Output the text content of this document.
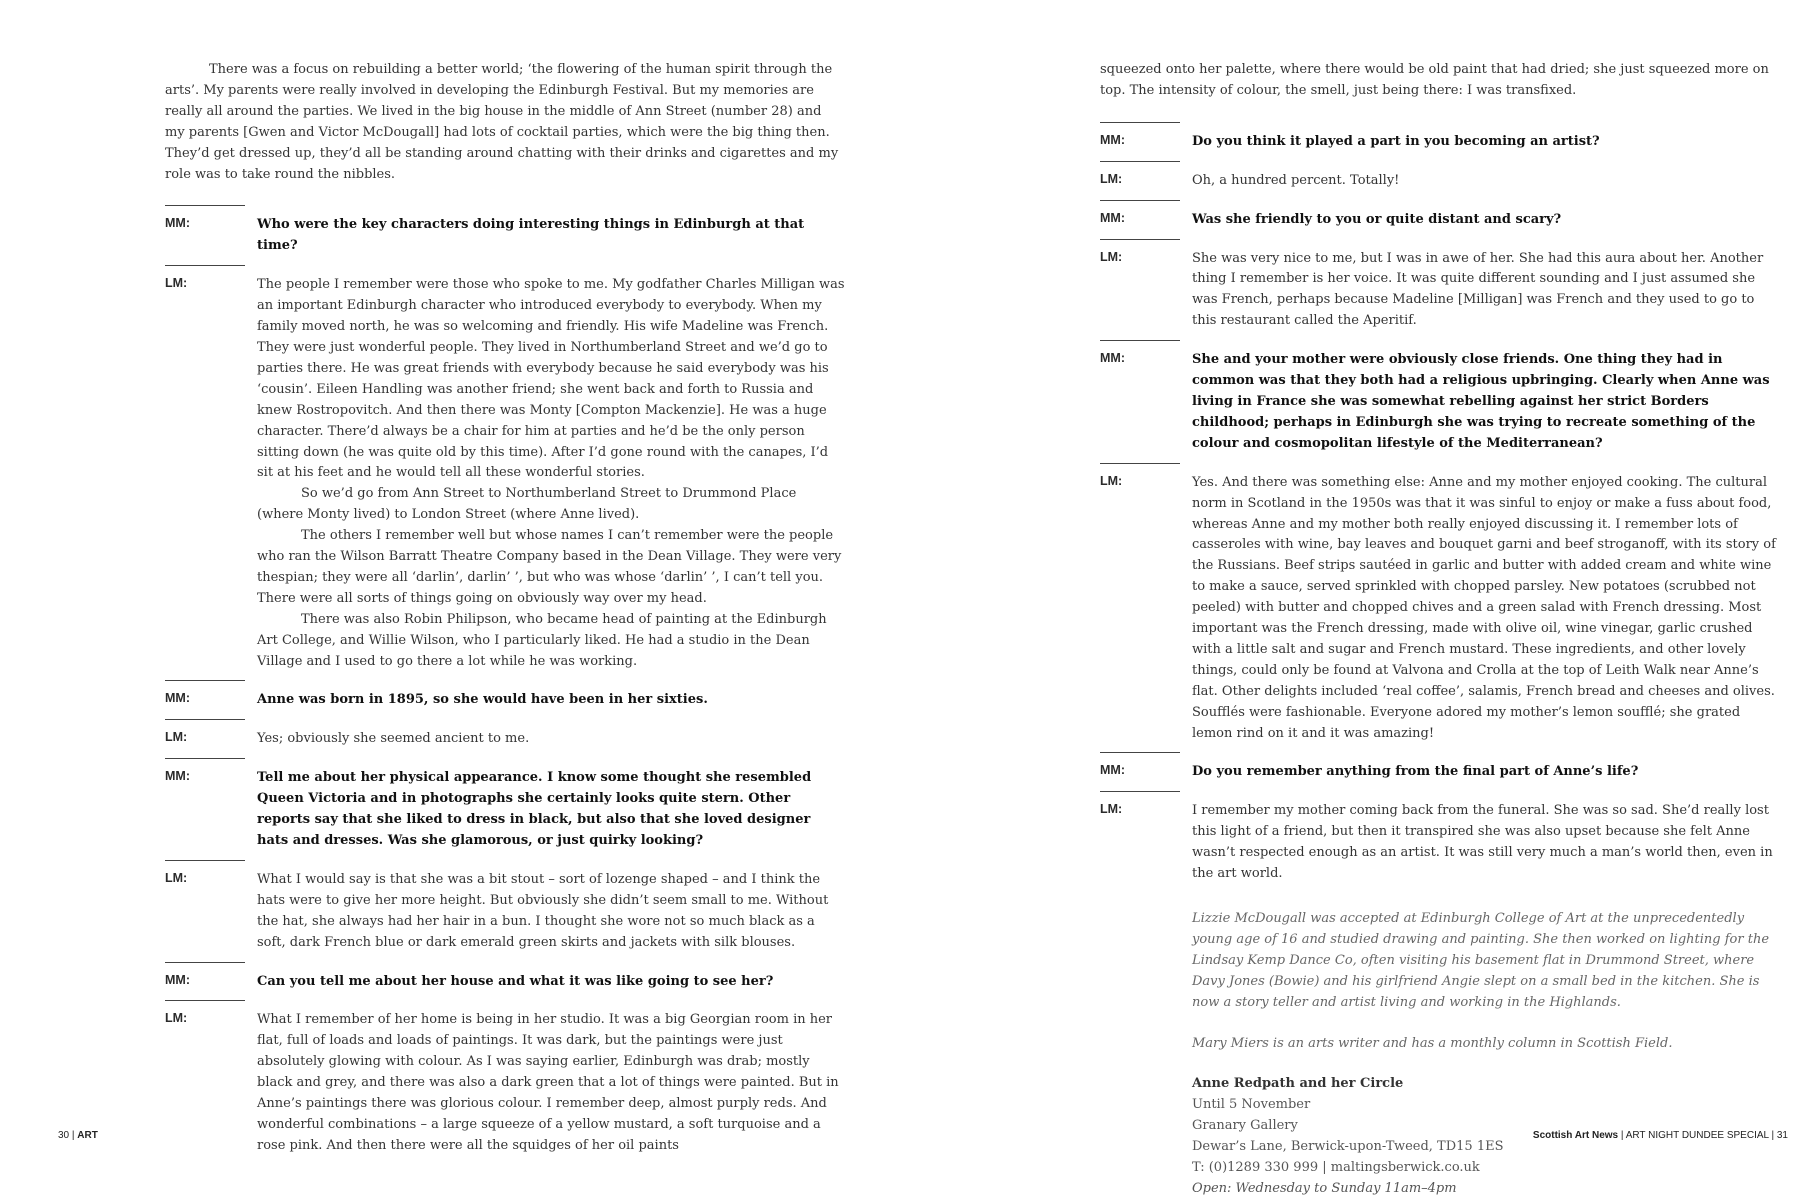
There was a focus on rebuilding a better world; ‘the flowering of the human spirit through the arts’. My parents were really involved in developing the Edinburgh Festival. But my memories are really all around the parties. We lived in the big house in the middle of Ann Street (number 28) and my parents [Gwen and Victor McDougall] had lots of cocktail parties, which were the big thing then. They’d get dressed up, they’d all be standing around chatting with their drinks and cigarettes and my role was to take round the nibbles.

MM:	Who were the key characters doing interesting things in Edinburgh at that time?

LM:	The people I remember were those who spoke to me. My godfather Charles Milligan was an important Edinburgh character who introduced everybody to everybody. When my family moved north, he was so welcoming and friendly. His wife Madeline was French. They were just wonderful people. They lived in Northumberland Street and we’d go to parties there. He was great friends with everybody because he said everybody was his ‘cousin’. Eileen Handling was another friend; she went back and forth to Russia and knew Rostropovitch. And then there was Monty [Compton Mackenzie]. He was a huge character. There’d always be a chair for him at parties and he’d be the only person sitting down (he was quite old by this time). After I’d gone round with the canapes, I’d sit at his feet and he would tell all these wonderful stories.

So we’d go from Ann Street to Northumberland Street to Drummond Place (where Monty lived) to London Street (where Anne lived).

The others I remember well but whose names I can’t remember were the people who ran the Wilson Barratt Theatre Company based in the Dean Village. They were very thespian; they were all ‘darlin’, darlin’ ’, but who was whose ‘darlin’ ’, I can’t tell you. There were all sorts of things going on obviously way over my head.

There was also Robin Philipson, who became head of painting at the Edinburgh Art College, and Willie Wilson, who I particularly liked. He had a studio in the Dean Village and I used to go there a lot while he was working.

MM:	Anne was born in 1895, so she would have been in her sixties.

LM:	Yes; obviously she seemed ancient to me.

MM:	Tell me about her physical appearance. I know some thought she resembled Queen Victoria and in photographs she certainly looks quite stern. Other reports say that she liked to dress in black, but also that she loved designer hats and dresses. Was she glamorous, or just quirky looking?

LM:	What I would say is that she was a bit stout – sort of lozenge shaped – and I think the hats were to give her more height. But obviously she didn’t seem small to me. Without the hat, she always had her hair in a bun. I thought she wore not so much black as a soft, dark French blue or dark emerald green skirts and jackets with silk blouses.

MM:	Can you tell me about her house and what it was like going to see her?

LM:	What I remember of her home is being in her studio. It was a big Georgian room in her flat, full of loads and loads of paintings. It was dark, but the paintings were just absolutely glowing with colour. As I was saying earlier, Edinburgh was drab; mostly black and grey, and there was also a dark green that a lot of things were painted. But in Anne’s paintings there was glorious colour. I remember deep, almost purply reds. And wonderful combinations – a large squeeze of a yellow mustard, a soft turquoise and a rose pink. And then there were all the squidges of her oil paints

squeezed onto her palette, where there would be old paint that had dried; she just squeezed more on top. The intensity of colour, the smell, just being there: I was transfixed.

MM:	Do you think it played a part in you becoming an artist?

LM:	Oh, a hundred percent. Totally!

MM:	Was she friendly to you or quite distant and scary?

LM:	She was very nice to me, but I was in awe of her. She had this aura about her. Another thing I remember is her voice. It was quite different sounding and I just assumed she was French, perhaps because Madeline [Milligan] was French and they used to go to this restaurant called the Aperitif.

MM:	She and your mother were obviously close friends. One thing they had in common was that they both had a religious upbringing. Clearly when Anne was living in France she was somewhat rebelling against her strict Borders childhood; perhaps in Edinburgh she was trying to recreate something of the colour and cosmopolitan lifestyle of the Mediterranean?

LM:	Yes. And there was something else: Anne and my mother enjoyed cooking. The cultural norm in Scotland in the 1950s was that it was sinful to enjoy or make a fuss about food, whereas Anne and my mother both really enjoyed discussing it. I remember lots of casseroles with wine, bay leaves and bouquet garni and beef stroganoff, with its story of the Russians. Beef strips sautéed in garlic and butter with added cream and white wine to make a sauce, served sprinkled with chopped parsley. New potatoes (scrubbed not peeled) with butter and chopped chives and a green salad with French dressing. Most important was the French dressing, made with olive oil, wine vinegar, garlic crushed with a little salt and sugar and French mustard. These ingredients, and other lovely things, could only be found at Valvona and Crolla at the top of Leith Walk near Anne’s flat. Other delights included ‘real coffee’, salamis, French bread and cheeses and olives. Soufflés were fashionable. Everyone adored my mother’s lemon soufflé; she grated lemon rind on it and it was amazing!

MM:	Do you remember anything from the final part of Anne’s life?

LM:	I remember my mother coming back from the funeral. She was so sad. She’d really lost this light of a friend, but then it transpired she was also upset because she felt Anne wasn’t respected enough as an artist. It was still very much a man’s world then, even in the art world.

Lizzie McDougall was accepted at Edinburgh College of Art at the unprecedentedly young age of 16 and studied drawing and painting. She then worked on lighting for the Lindsay Kemp Dance Co, often visiting his basement flat in Drummond Street, where Davy Jones (Bowie) and his girlfriend Angie slept on a small bed in the kitchen. She is now a story teller and artist living and working in the Highlands.

Mary Miers is an arts writer and has a monthly column in Scottish Field.

Anne Redpath and her Circle

Until 5 November

Granary Gallery

Dewar’s Lane, Berwick-upon-Tweed, TD15 1ES

T: (0)1289 330 999 | maltingsberwick.co.uk

Open: Wednesday to Sunday 11am–4pm

30 | ART	Scottish Art News | ART NIGHT DUNDEE SPECIAL | 31
